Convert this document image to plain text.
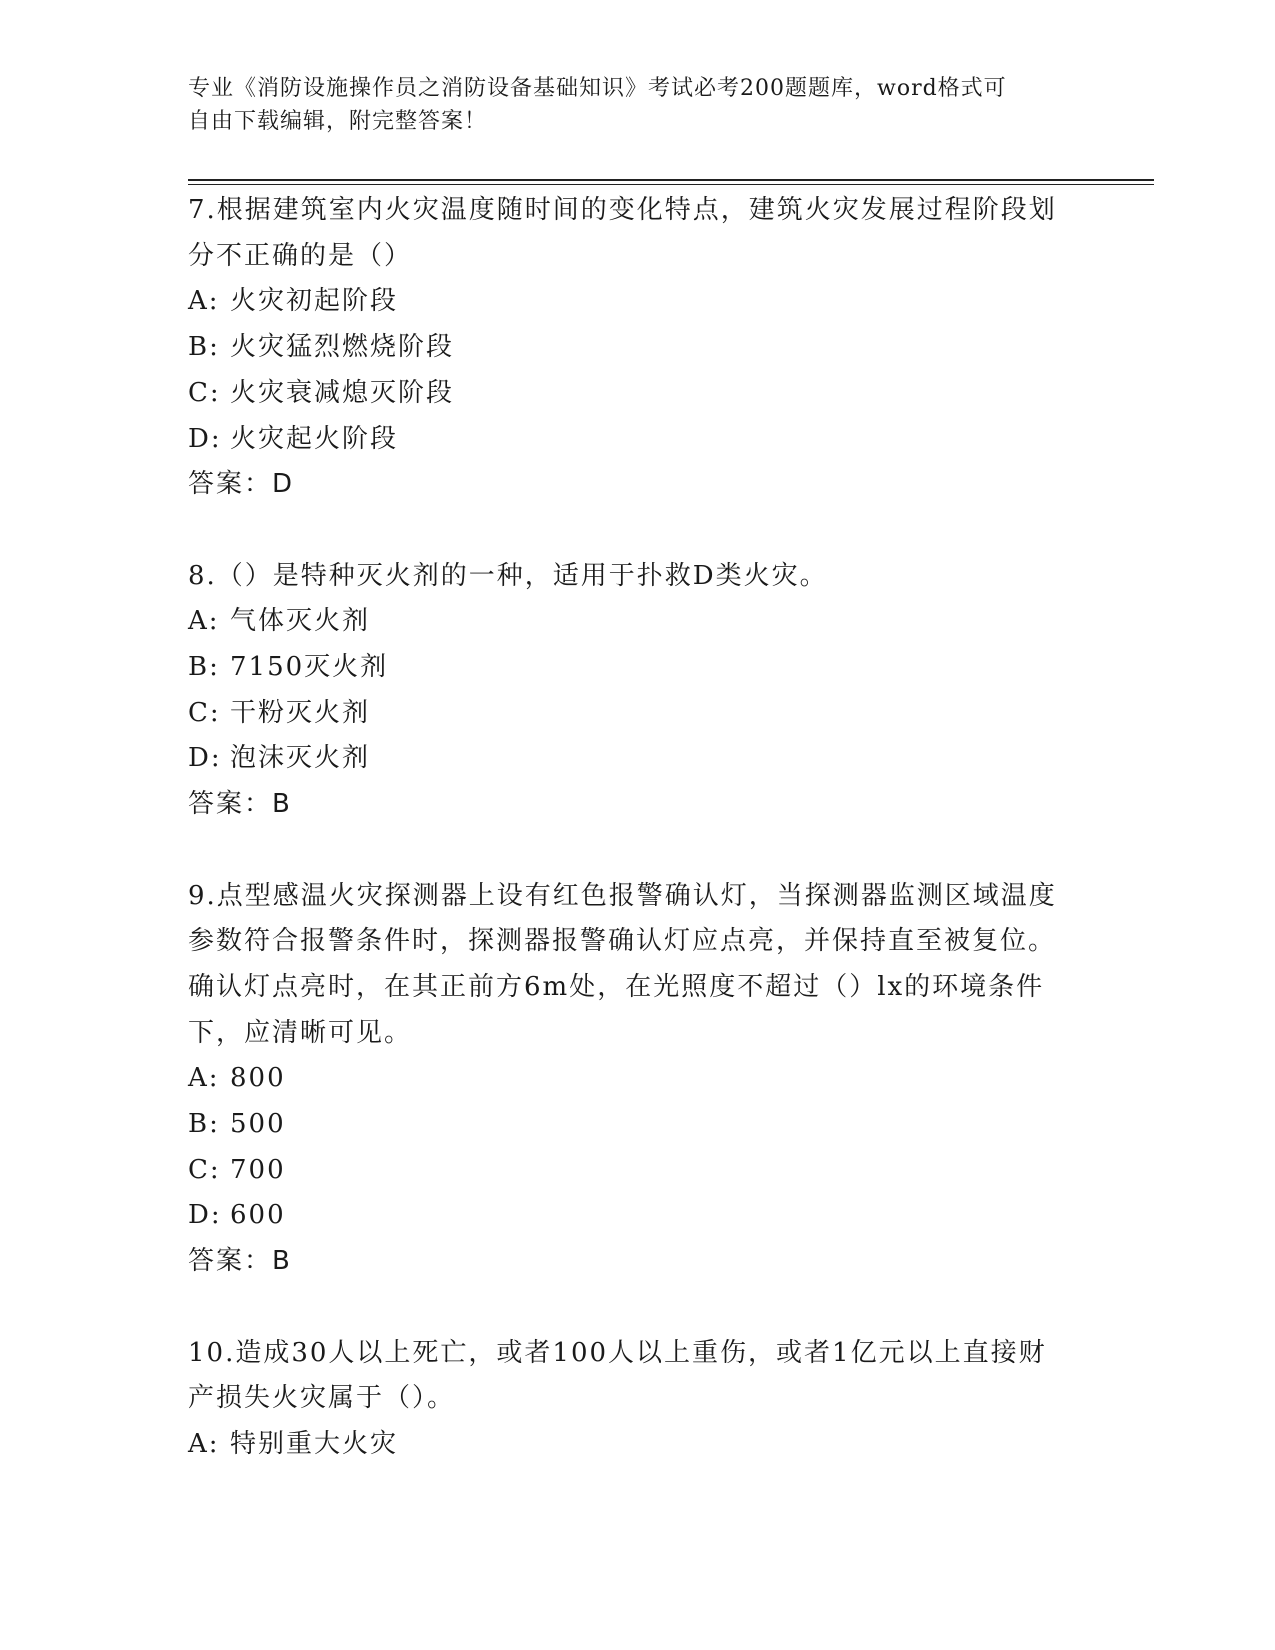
专业《消防设施操作员之消防设备基础知识》考试必考200题题库，word格式可
自由下载编辑，附完整答案！

7.根据建筑室内火灾温度随时间的变化特点，建筑火灾发展过程阶段划分不正确的是（）

A: 火灾初起阶段

B: 火灾猛烈燃烧阶段

C: 火灾衰减熄灭阶段

D: 火灾起火阶段

答案：D

8.（）是特种灭火剂的一种，适用于扑救D类火灾。

A: 气体灭火剂

B: 7150灭火剂

C: 干粉灭火剂

D: 泡沫灭火剂

答案：B

9.点型感温火灾探测器上设有红色报警确认灯，当探测器监测区域温度参数符合报警条件时，探测器报警确认灯应点亮，并保持直至被复位。确认灯点亮时，在其正前方6m处，在光照度不超过（）lx的环境条件下，应清晰可见。

A: 800

B: 500

C: 700

D: 600

答案：B

10.造成30人以上死亡，或者100人以上重伤，或者1亿元以上直接财产损失火灾属于（）。

A: 特别重大火灾
